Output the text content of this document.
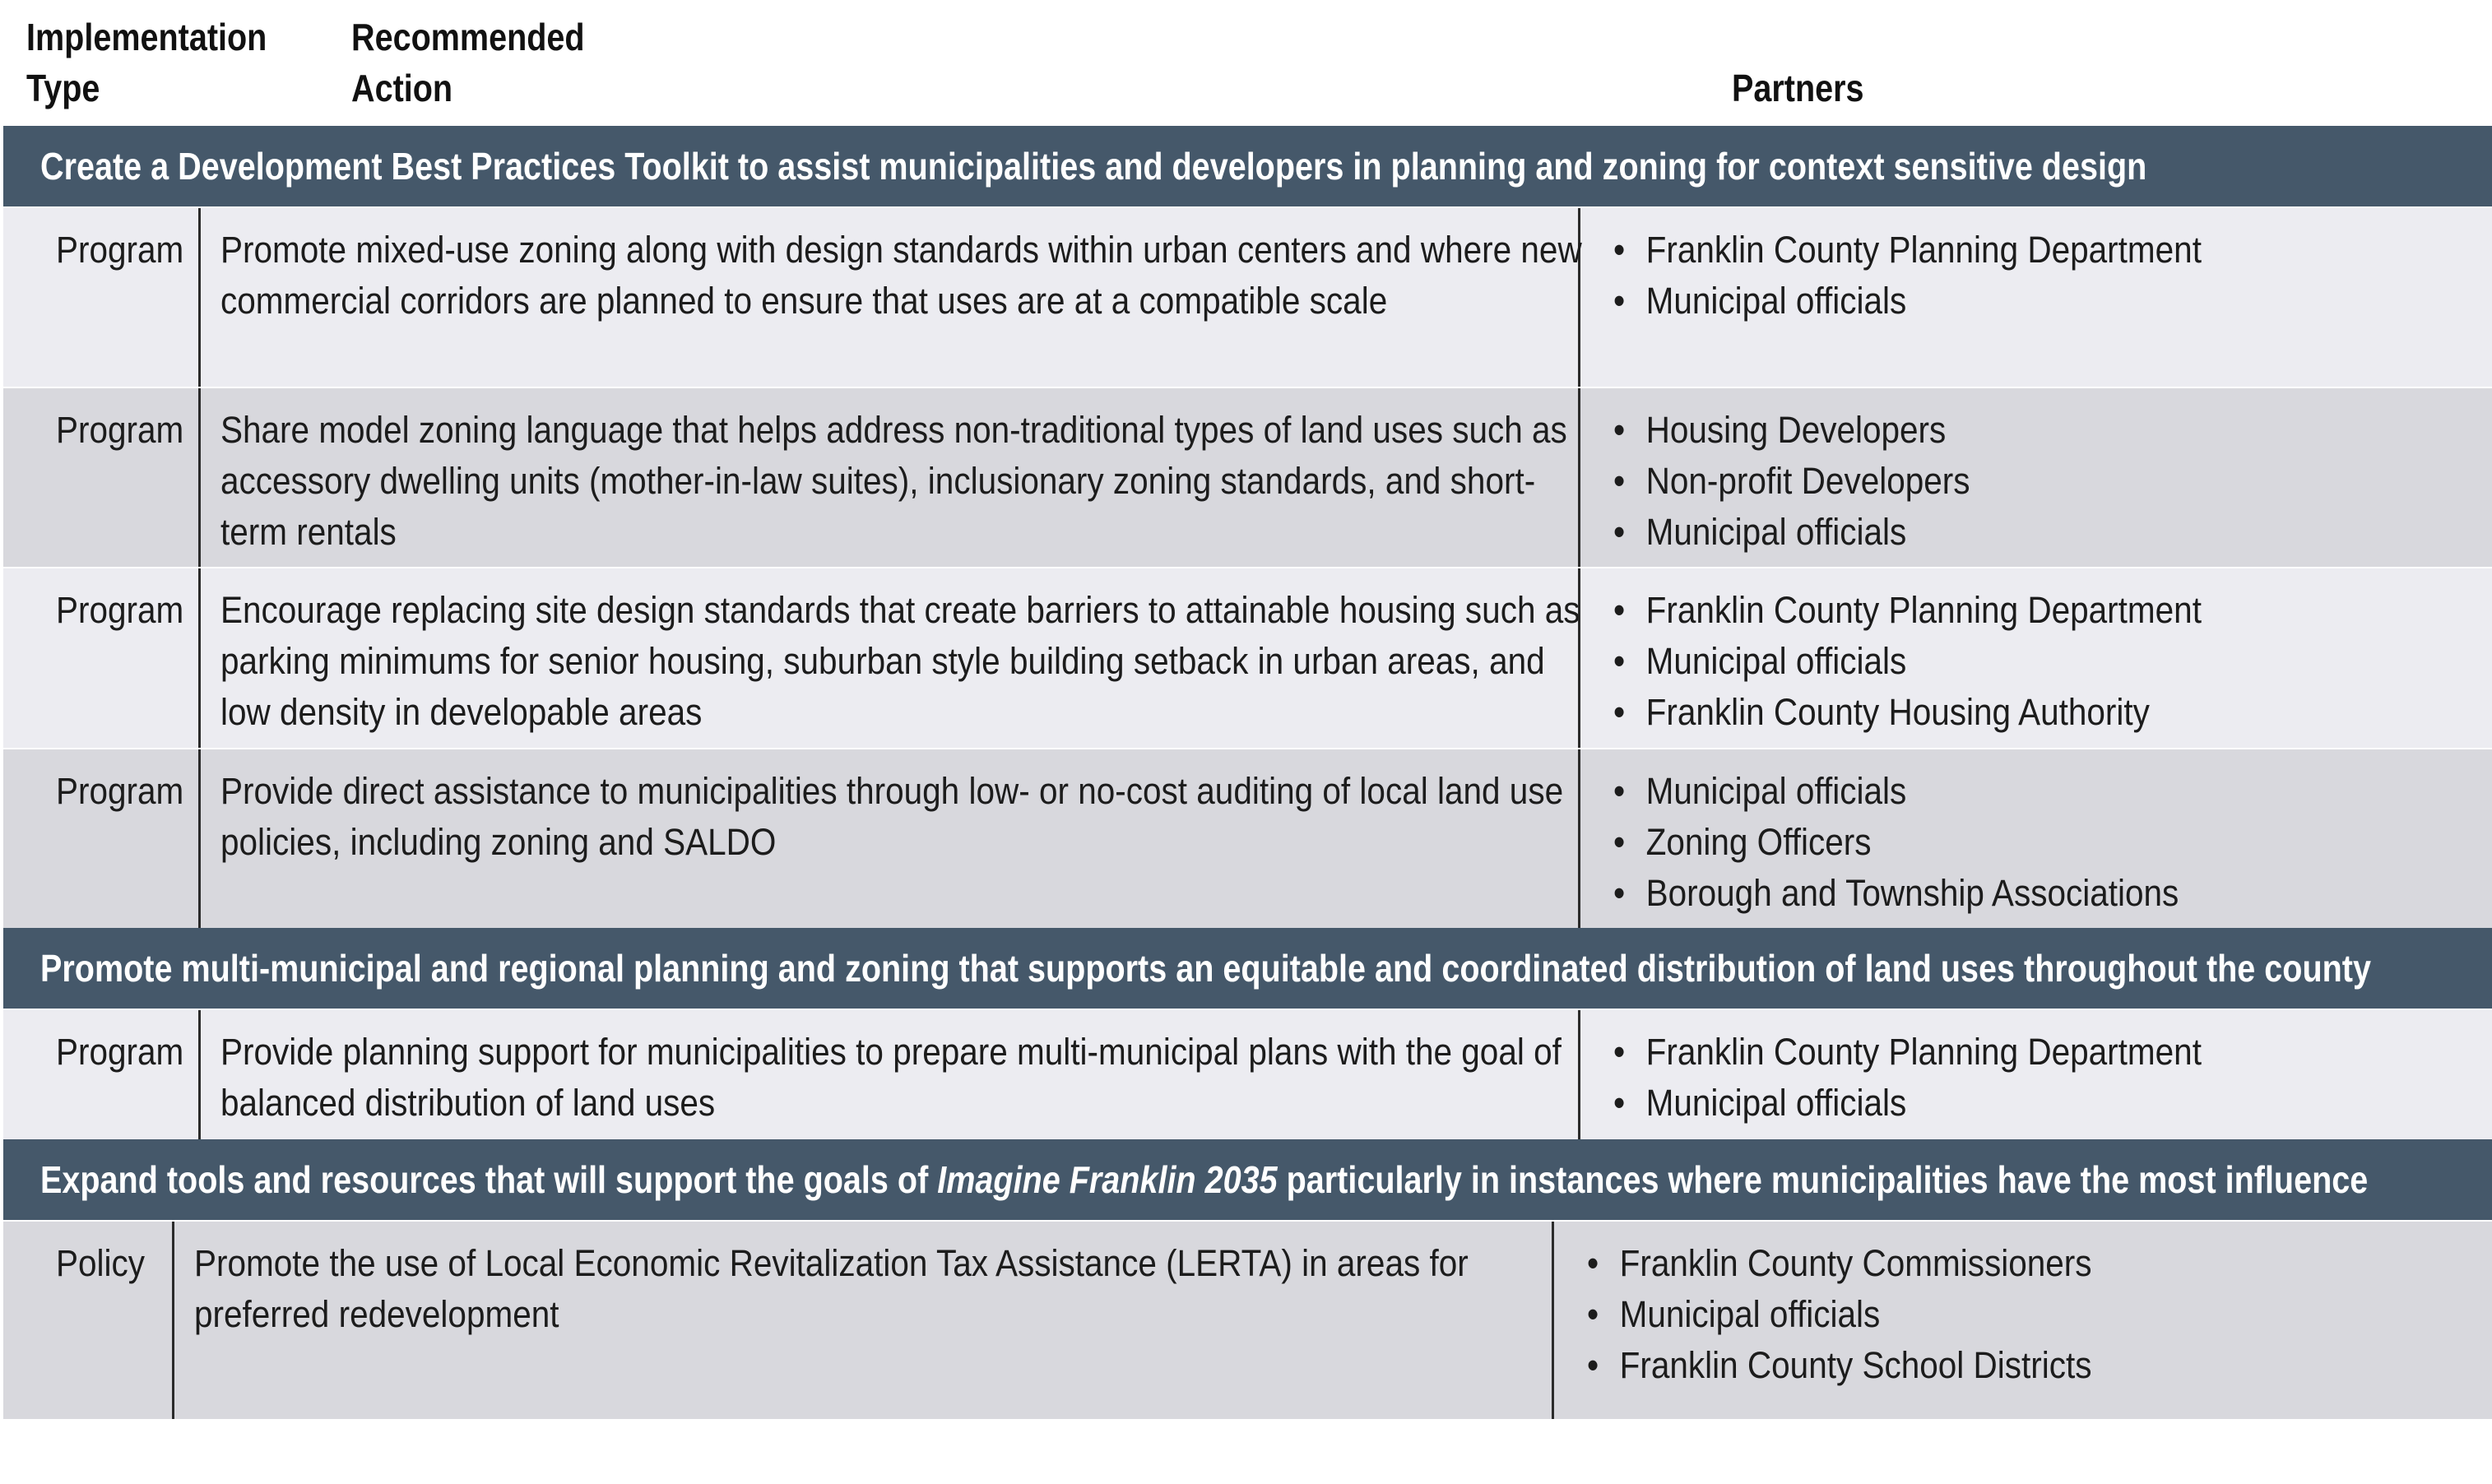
Implementation
Type
Recommended
Action	Partners
Create a Development Best Practices Toolkit to assist municipalities and developers in planning and zoning for context sensitive design
Program Promote mixed-use zoning along with design standards within urban centers and where new commercial corridors are planned to ensure that uses are at a compatible scale
• Franklin County Planning Department
• Municipal officials
Program Share model zoning language that helps address non-traditional types of land uses such as accessory dwelling units (mother-in-law suites), inclusionary zoning standards, and short-term rentals
• Housing Developers
• Non-profit Developers
• Municipal officials
Program Encourage replacing site design standards that create barriers to attainable housing such as parking minimums for senior housing, suburban style building setback in urban areas, and low density in developable areas
• Franklin County Planning Department
• Municipal officials
• Franklin County Housing Authority
Program Provide direct assistance to municipalities through low- or no-cost auditing of local land use policies, including zoning and SALDO
• Municipal officials
• Zoning Officers
• Borough and Township Associations
Promote multi-municipal and regional planning and zoning that supports an equitable and coordinated distribution of land uses throughout the county
Program Provide planning support for municipalities to prepare multi-municipal plans with the goal of balanced distribution of land uses
• Franklin County Planning Department
• Municipal officials
Expand tools and resources that will support the goals of Imagine Franklin 2035 particularly in instances where municipalities have the most influence
Policy	Promote the use of Local Economic Revitalization Tax Assistance (LERTA) in areas for preferred redevelopment
• Franklin County Commissioners
• Municipal officials
• Franklin County School Districts
